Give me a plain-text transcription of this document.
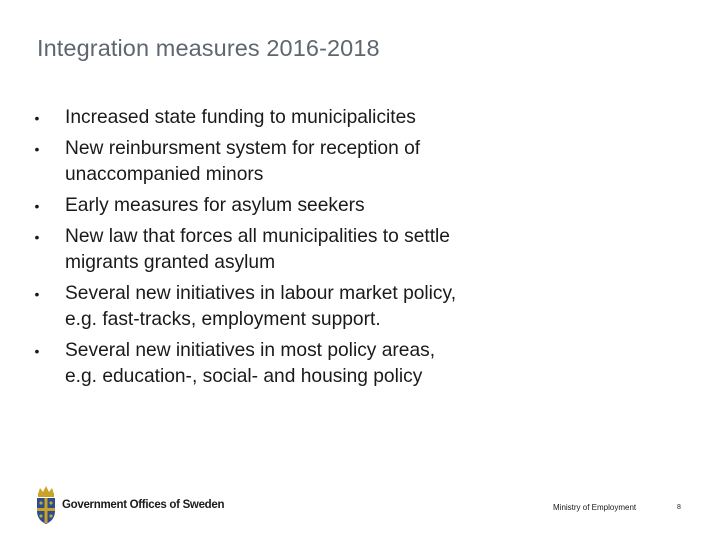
Integration measures 2016-2018
• Increased state funding to municipalicites
• New reinbursment system for reception of unaccompanied minors
• Early measures for asylum seekers
• New law that forces all municipalities to settle migrants granted asylum
• Several new initiatives in labour market policy, e.g. fast-tracks, employment support.
• Several new initiatives in most policy areas, e.g. education-, social- and housing policy
Government Offices of Sweden	Ministry of Employment	8
